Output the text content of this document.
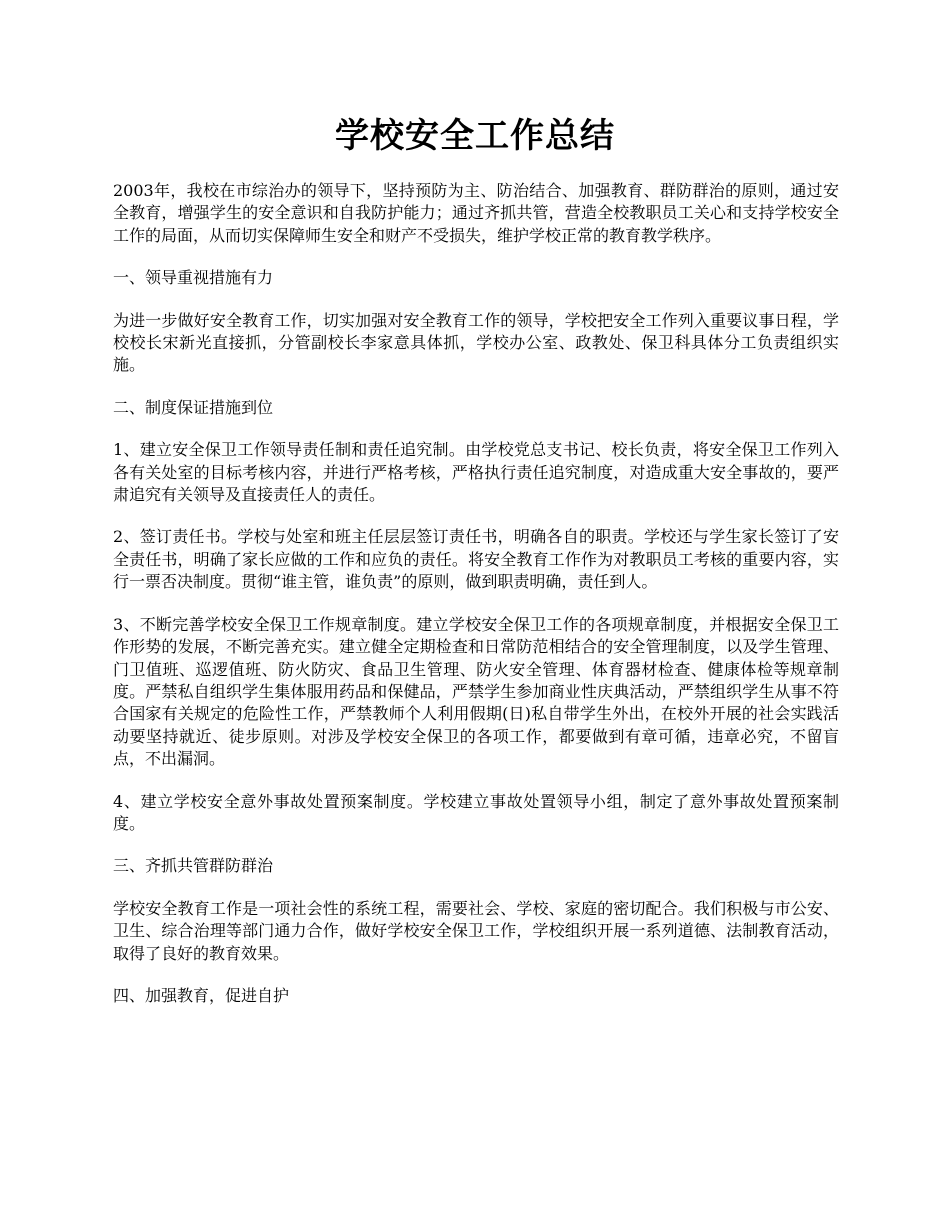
学校安全工作总结

2003年，我校在市综治办的领导下，坚持预防为主、防治结合、加强教育、群防群治的原则，通过安全教育，增强学生的安全意识和自我防护能力；通过齐抓共管，营造全校教职员工关心和支持学校安全工作的局面，从而切实保障师生安全和财产不受损失，维护学校正常的教育教学秩序。

一、领导重视措施有力

为进一步做好安全教育工作，切实加强对安全教育工作的领导，学校把安全工作列入重要议事日程，学校校长宋新光直接抓，分管副校长李家意具体抓，学校办公室、政教处、保卫科具体分工负责组织实施。

二、制度保证措施到位

1、建立安全保卫工作领导责任制和责任追究制。由学校党总支书记、校长负责，将安全保卫工作列入各有关处室的目标考核内容，并进行严格考核，严格执行责任追究制度，对造成重大安全事故的，要严肃追究有关领导及直接责任人的责任。

2、签订责任书。学校与处室和班主任层层签订责任书，明确各自的职责。学校还与学生家长签订了安全责任书，明确了家长应做的工作和应负的责任。将安全教育工作作为对教职员工考核的重要内容，实行一票否决制度。贯彻“谁主管，谁负责”的原则，做到职责明确，责任到人。

3、不断完善学校安全保卫工作规章制度。建立学校安全保卫工作的各项规章制度，并根据安全保卫工作形势的发展，不断完善充实。建立健全定期检查和日常防范相结合的安全管理制度，以及学生管理、门卫值班、巡逻值班、防火防灾、食品卫生管理、防火安全管理、体育器材检查、健康体检等规章制度。严禁私自组织学生集体服用药品和保健品，严禁学生参加商业性庆典活动，严禁组织学生从事不符合国家有关规定的危险性工作，严禁教师个人利用假期(日)私自带学生外出，在校外开展的社会实践活动要坚持就近、徒步原则。对涉及学校安全保卫的各项工作，都要做到有章可循，违章必究，不留盲点，不出漏洞。

4、建立学校安全意外事故处置预案制度。学校建立事故处置领导小组，制定了意外事故处置预案制度。

三、齐抓共管群防群治

学校安全教育工作是一项社会性的系统工程，需要社会、学校、家庭的密切配合。我们积极与市公安、卫生、综合治理等部门通力合作，做好学校安全保卫工作，学校组织开展一系列道德、法制教育活动，取得了良好的教育效果。

四、加强教育，促进自护
